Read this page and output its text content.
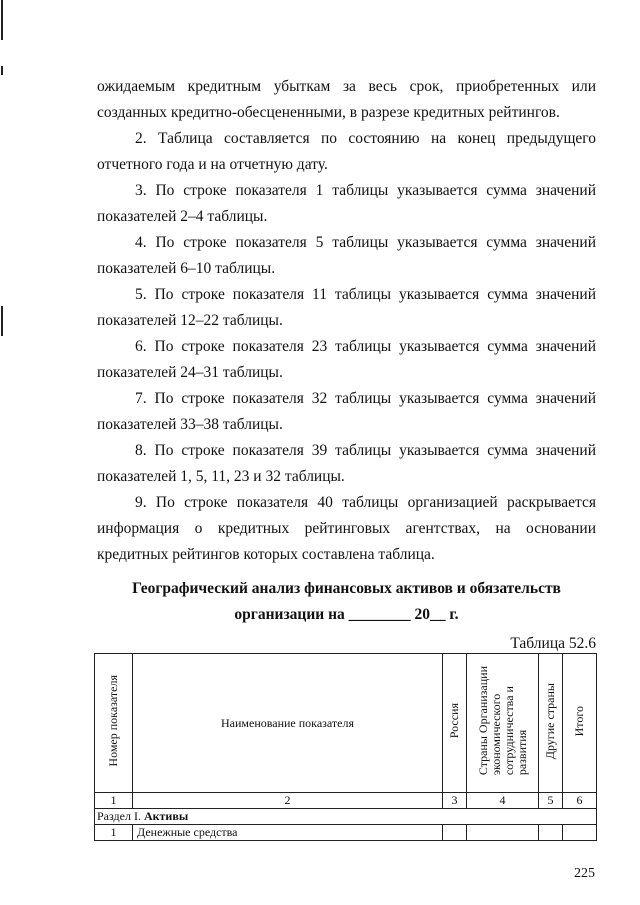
ожидаемым кредитным убыткам за весь срок, приобретенных или созданных кредитно-обесцененными, в разрезе кредитных рейтингов.

2. Таблица составляется по состоянию на конец предыдущего отчетного года и на отчетную дату.

3. По строке показателя 1 таблицы указывается сумма значений показателей 2–4 таблицы.

4. По строке показателя 5 таблицы указывается сумма значений показателей 6–10 таблицы.

5. По строке показателя 11 таблицы указывается сумма значений показателей 12–22 таблицы.

6. По строке показателя 23 таблицы указывается сумма значений показателей 24–31 таблицы.

7. По строке показателя 32 таблицы указывается сумма значений показателей 33–38 таблицы.

8. По строке показателя 39 таблицы указывается сумма значений показателей 1, 5, 11, 23 и 32 таблицы.

9. По строке показателя 40 таблицы организацией раскрывается информация о кредитных рейтинговых агентствах, на основании кредитных рейтингов которых составлена таблица.

Географический анализ финансовых активов и обязательств

организации на ________ 20__ г.

Таблица 52.6
Номер показателя	Наименование показателя	Россия	Страны Организации
экономического
сотрудничества и
развития	Другие страны	Итого
1	2	3	4	5	6
Раздел I. Активы					
1	Денежные средства				
225
